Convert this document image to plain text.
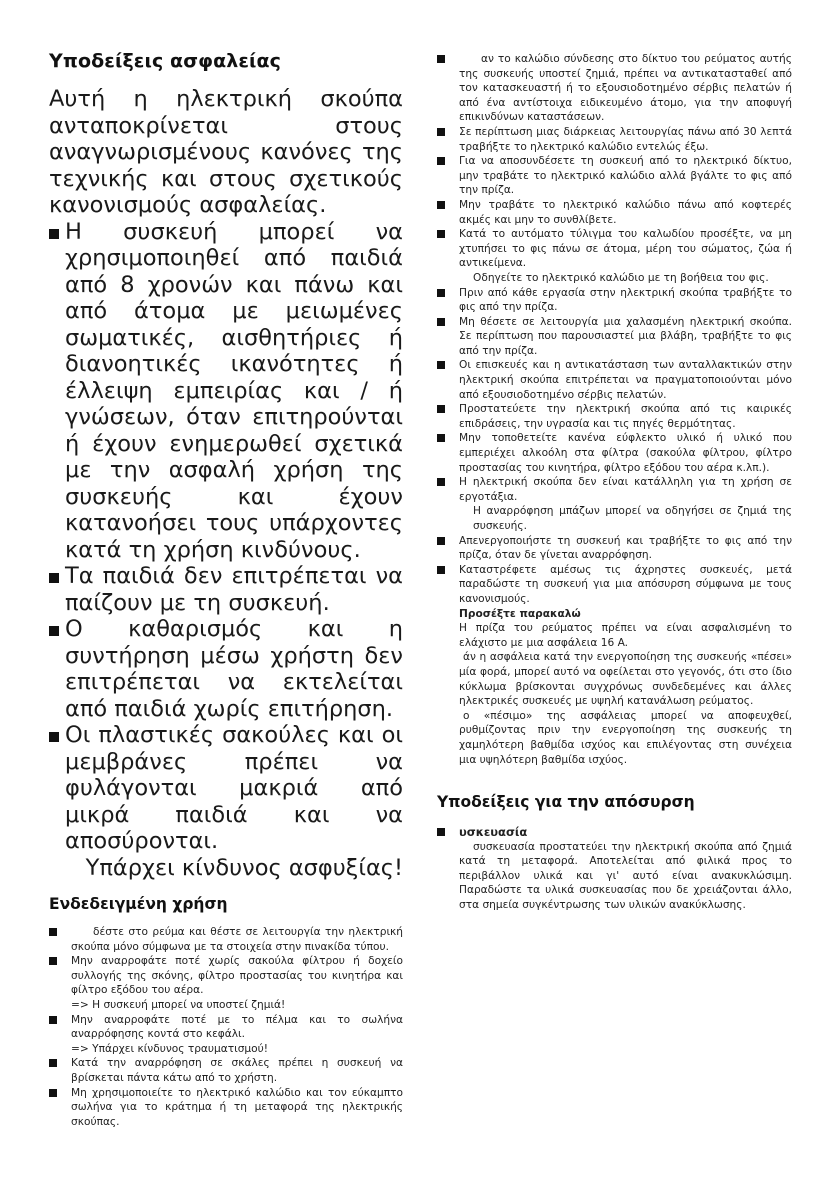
Υποδείξεις ασφαλείας

Αυτή η ηλεκτρική σκούπα ανταποκρίνεται στους αναγνωρισμένους κανόνες της τεχνικής και στους σχετικούς κανονισμούς ασφαλείας.

Η συσκευή μπορεί να χρησιμοποιηθεί από παιδιά από 8 χρονών και πάνω και από άτομα με μειωμένες σωματικές, αισθητήριες ή διανοητικές ικανότητες ή έλλειψη εμπειρίας και / ή γνώσεων, όταν επιτηρούνται ή έχουν ενημερωθεί σχετικά με την ασφαλή χρήση της συσκευής και έχουν κατανοήσει τους υπάρχοντες κατά τη χρήση κινδύνους.
Τα παιδιά δεν επιτρέπεται να παίζουν με τη συσκευή.
Ο καθαρισμός και η συντήρηση μέσω χρήστη δεν επιτρέπεται να εκτελείται από παιδιά χωρίς επιτήρηση.
Οι πλαστικές σακούλες και οι μεμβράνες πρέπει να φυλάγονται μακριά από μικρά παιδιά και να αποσύρονται.

Υπάρχει κίνδυνος ασφυξίας!

Ενδεδειγμένη χρήση
δέστε στο ρεύμα και θέστε σε λειτουργία την ηλεκτρική σκούπα μόνο σύμφωνα με τα στοιχεία στην πινακίδα τύπου.
Μην αναρροφάτε ποτέ χωρίς σακούλα φίλτρου ή δοχείο συλλογής της σκόνης, φίλτρο προστασίας του κινητήρα και φίλτρο εξόδου του αέρα.
=> Η συσκευή μπορεί να υποστεί ζημιά!
Μην αναρροφάτε ποτέ με το πέλμα και το σωλήνα αναρρόφησης κοντά στο κεφάλι.
=> Υπάρχει κίνδυνος τραυματισμού!
Κατά την αναρρόφηση σε σκάλες πρέπει η συσκευή να βρίσκεται πάντα κάτω από το χρήστη.
Μη χρησιμοποιείτε το ηλεκτρικό καλώδιο και τον εύκαμπτο σωλήνα για το κράτημα ή τη μεταφορά της ηλεκτρικής σκούπας.
αν το καλώδιο σύνδεσης στο δίκτυο του ρεύματος αυτής της συσκευής υποστεί ζημιά, πρέπει να αντικατασταθεί από τον κατασκευαστή ή το εξουσιοδοτημένο σέρβις πελατών ή από ένα αντίστοιχα ειδικευμένο άτομο, για την αποφυγή επικινδύνων καταστάσεων.
Σε περίπτωση μιας διάρκειας λειτουργίας πάνω από 30 λεπτά τραβήξτε το ηλεκτρικό καλώδιο εντελώς έξω.
Για να αποσυνδέσετε τη συσκευή από το ηλεκτρικό δίκτυο, μην τραβάτε το ηλεκτρικό καλώδιο αλλά βγάλτε το φις από την πρίζα.
Μην τραβάτε το ηλεκτρικό καλώδιο πάνω από κοφτερές ακμές και μην το συνθλίβετε.
Κατά το αυτόματο τύλιγμα του καλωδίου προσέξτε, να μη χτυπήσει το φις πάνω σε άτομα, μέρη του σώματος, ζώα ή αντικείμενα.
Οδηγείτε το ηλεκτρικό καλώδιο με τη βοήθεια του φις.
Πριν από κάθε εργασία στην ηλεκτρική σκούπα τραβήξτε το φις από την πρίζα.
Μη θέσετε σε λειτουργία μια χαλασμένη ηλεκτρική σκούπα. Σε περίπτωση που παρουσιαστεί μια βλάβη, τραβήξτε το φις από την πρίζα.
Οι επισκευές και η αντικατάσταση των ανταλλακτικών στην ηλεκτρική σκούπα επιτρέπεται να πραγματοποιούνται μόνο από εξουσιοδοτημένο σέρβις πελατών.
Προστατεύετε την ηλεκτρική σκούπα από τις καιρικές επιδράσεις, την υγρασία και τις πηγές θερμότητας.
Μην τοποθετείτε κανένα εύφλεκτο υλικό ή υλικό που εμπεριέχει αλκοόλη στα φίλτρα (σακούλα φίλτρου, φίλτρο προστασίας του κινητήρα, φίλτρο εξόδου του αέρα κ.λπ.).
Η ηλεκτρική σκούπα δεν είναι κατάλληλη για τη χρήση σε εργοτάξια.
Η αναρρόφηση μπάζων μπορεί να οδηγήσει σε ζημιά της συσκευής.
Απενεργοποιήστε τη συσκευή και τραβήξτε το φις από την πρίζα, όταν δε γίνεται αναρρόφηση.
Καταστρέφετε αμέσως τις άχρηστες συσκευές, μετά παραδώστε τη συσκευή για μια απόσυρση σύμφωνα με τους κανονισμούς.
Προσέξτε παρακαλώ
Η πρίζα του ρεύματος πρέπει να είναι ασφαλισμένη το ελάχιστο με μια ασφάλεια 16 A.
άν η ασφάλεια κατά την ενεργοποίηση της συσκευής «πέσει» μία φορά, μπορεί αυτό να οφείλεται στο γεγονός, ότι στο ίδιο κύκλωμα βρίσκονται συγχρόνως συνδεδεμένες και άλλες ηλεκτρικές συσκευές με υψηλή κατανάλωση ρεύματος.
ο «πέσιμο» της ασφάλειας μπορεί να αποφευχθεί, ρυθμίζοντας πριν την ενεργοποίηση της συσκευής τη χαμηλότερη βαθμίδα ισχύος και επιλέγοντας στη συνέχεια μια υψηλότερη βαθμίδα ισχύος.
Υποδείξεις για την απόσυρση
υσκευασία
συσκευασία προστατεύει την ηλεκτρική σκούπα από ζημιά κατά τη μεταφορά. Αποτελείται από φιλικά προς το περιβάλλον υλικά και γι' αυτό είναι ανακυκλώσιμη. Παραδώστε τα υλικά συσκευασίας που δε χρειάζονται άλλο, στα σημεία συγκέντρωσης των υλικών ανακύκλωσης.
